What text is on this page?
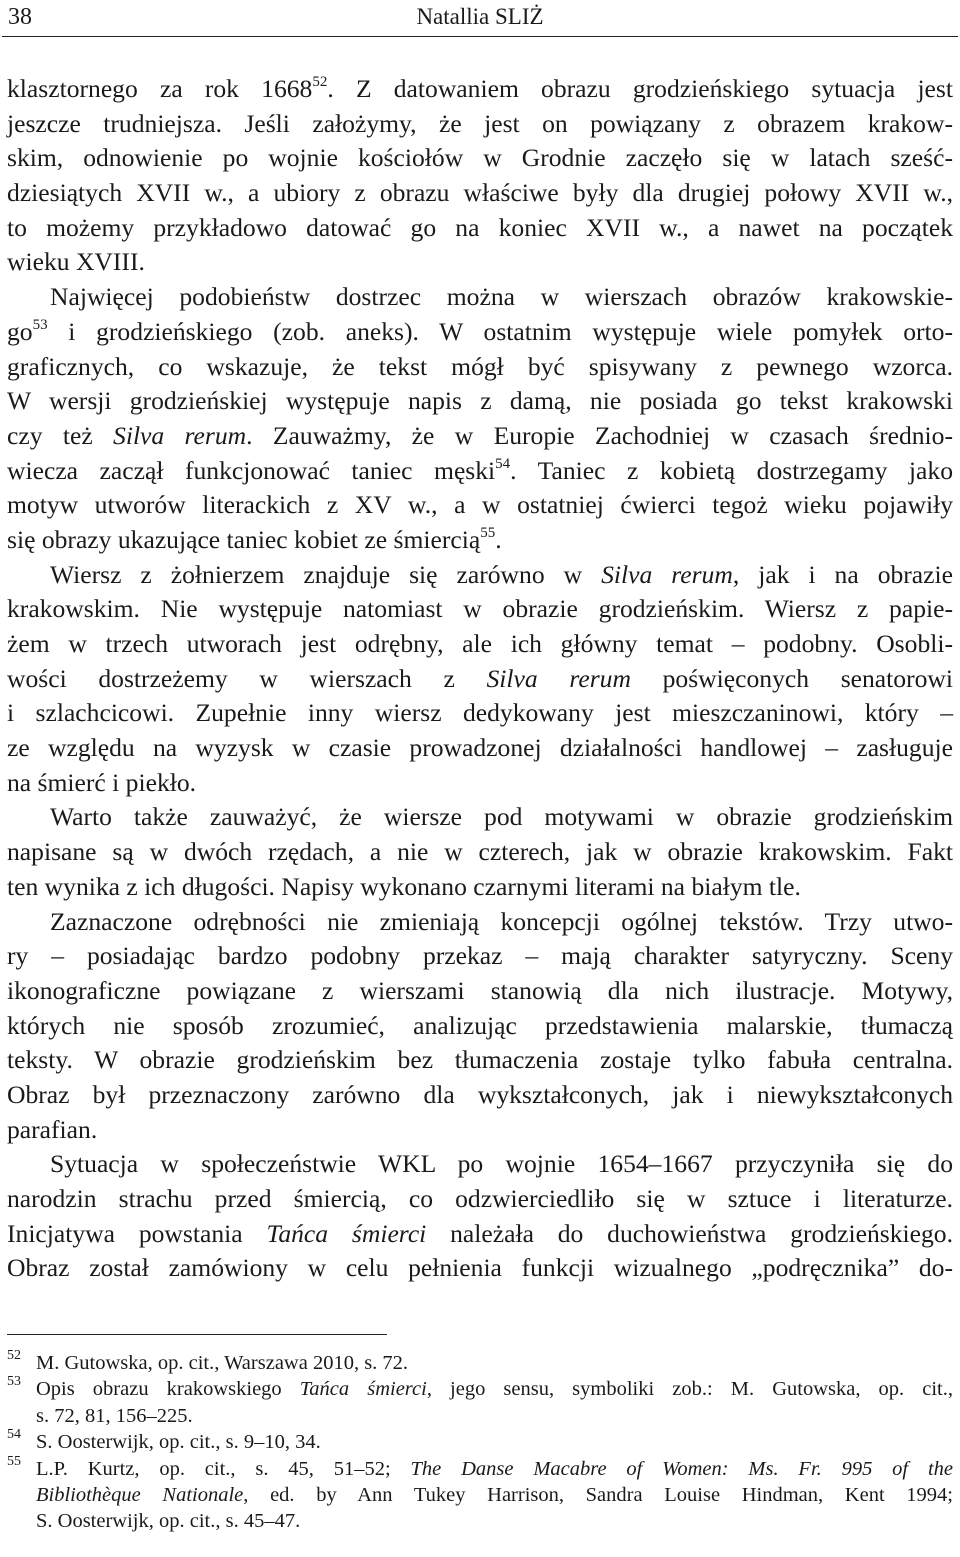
38	Natallia SLIŻ
klasztornego za rok 1668$^{52}$. Z datowaniem obrazu grodzieńskiego sytuacja jest
jeszcze trudniejsza. Jeśli założymy, że jest on powiązany z obrazem krakow-
skim, odnowienie po wojnie kościołów w Grodnie zaczęło się w latach sześć-
dziesiątych XVII w., a ubiory z obrazu właściwe były dla drugiej połowy XVII w.,
to możemy przykładowo datować go na koniec XVII w., a nawet na początek
wieku XVIII.
Najwięcej podobieństw dostrzec można w wierszach obrazów krakowskie-
$go^{53}$ i grodzieńskiego (zob. aneks). W ostatnim występuje wiele pomyłek orto-
graficznych, co wskazuje, że tekst mógł być spisywany z pewnego wzorca.
W wersji grodzieńskiej występuje napis z damą, nie posiada go tekst krakowski
czy też Silva rerum. Zauważmy, że w Europie Zachodniej w czasach średnio-
wiecza zaczął funkcjonować taniec męski$^{54}$. Taniec z kobietą dostrzegamy jako
motyw utworów literackich z XV w., a w ostatniej ćwierci tegoż wieku pojawiły
się obrazy ukazujące taniec kobiet ze śmiercią$^{55}$.
Wiersz z żołnierzem znajduje się zarówno w Silva rerum, jak i na obrazie
krakowskim. Nie występuje natomiast w obrazie grodzieńskim. Wiersz z papie-
żem w trzech utworach jest odrębny, ale ich główny temat – podobny. Osobli-
wości dostrzeżemy w wierszach z Silva rerum poświęconych senatorowi
i szlachcicowi. Zupełnie inny wiersz dedykowany jest mieszczaninowi, który –
ze względu na wyzysk w czasie prowadzonej działalności handlowej – zasługuje
na śmierć i piekło.
Warto także zauważyć, że wiersze pod motywami w obrazie grodzieńskim
napisane są w dwóch rzędach, a nie w czterech, jak w obrazie krakowskim. Fakt
ten wynika z ich długości. Napisy wykonano czarnymi literami na białym tle.
Zaznaczone odrębności nie zmieniają koncepcji ogólnej tekstów. Trzy utwo-
ry – posiadając bardzo podobny przekaz – mają charakter satyryczny. Sceny
ikonograficzne powiązane z wierszami stanowią dla nich ilustracje. Motywy,
których nie sposób zrozumieć, analizując przedstawienia malarskie, tłumaczą
teksty. W obrazie grodzieńskim bez tłumaczenia zostaje tylko fabuła centralna.
Obraz był przeznaczony zarówno dla wykształconych, jak i niewykształconych
parafian.
Sytuacja w społeczeństwie WKL po wojnie 1654–1667 przyczyniła się do
narodzin strachu przed śmiercią, co odzwierciedliło się w sztuce i literaturze.
Inicjatywa powstania Tańca śmierci należała do duchowieństwa grodzieńskiego.
Obraz został zamówiony w celu pełnienia funkcji wizualnego „podręcznika” do-
52 M. Gutowska, op. cit., Warszawa 2010, s. 72.
53 Opis obrazu krakowskiego Tańca śmierci, jego sensu, symboliki zob.: M. Gutowska, op. cit.,
s. 72, 81, 156–225.
54 S. Oosterwijk, op. cit., s. 9–10, 34.
55 L.P. Kurtz, op. cit., s. 45, 51–52; The Danse Macabre of Women: Ms. Fr. 995 of the
Bibliothèque Nationale, ed. by Ann Tukey Harrison, Sandra Louise Hindman, Kent 1994;
S. Oosterwijk, op. cit., s. 45–47.
